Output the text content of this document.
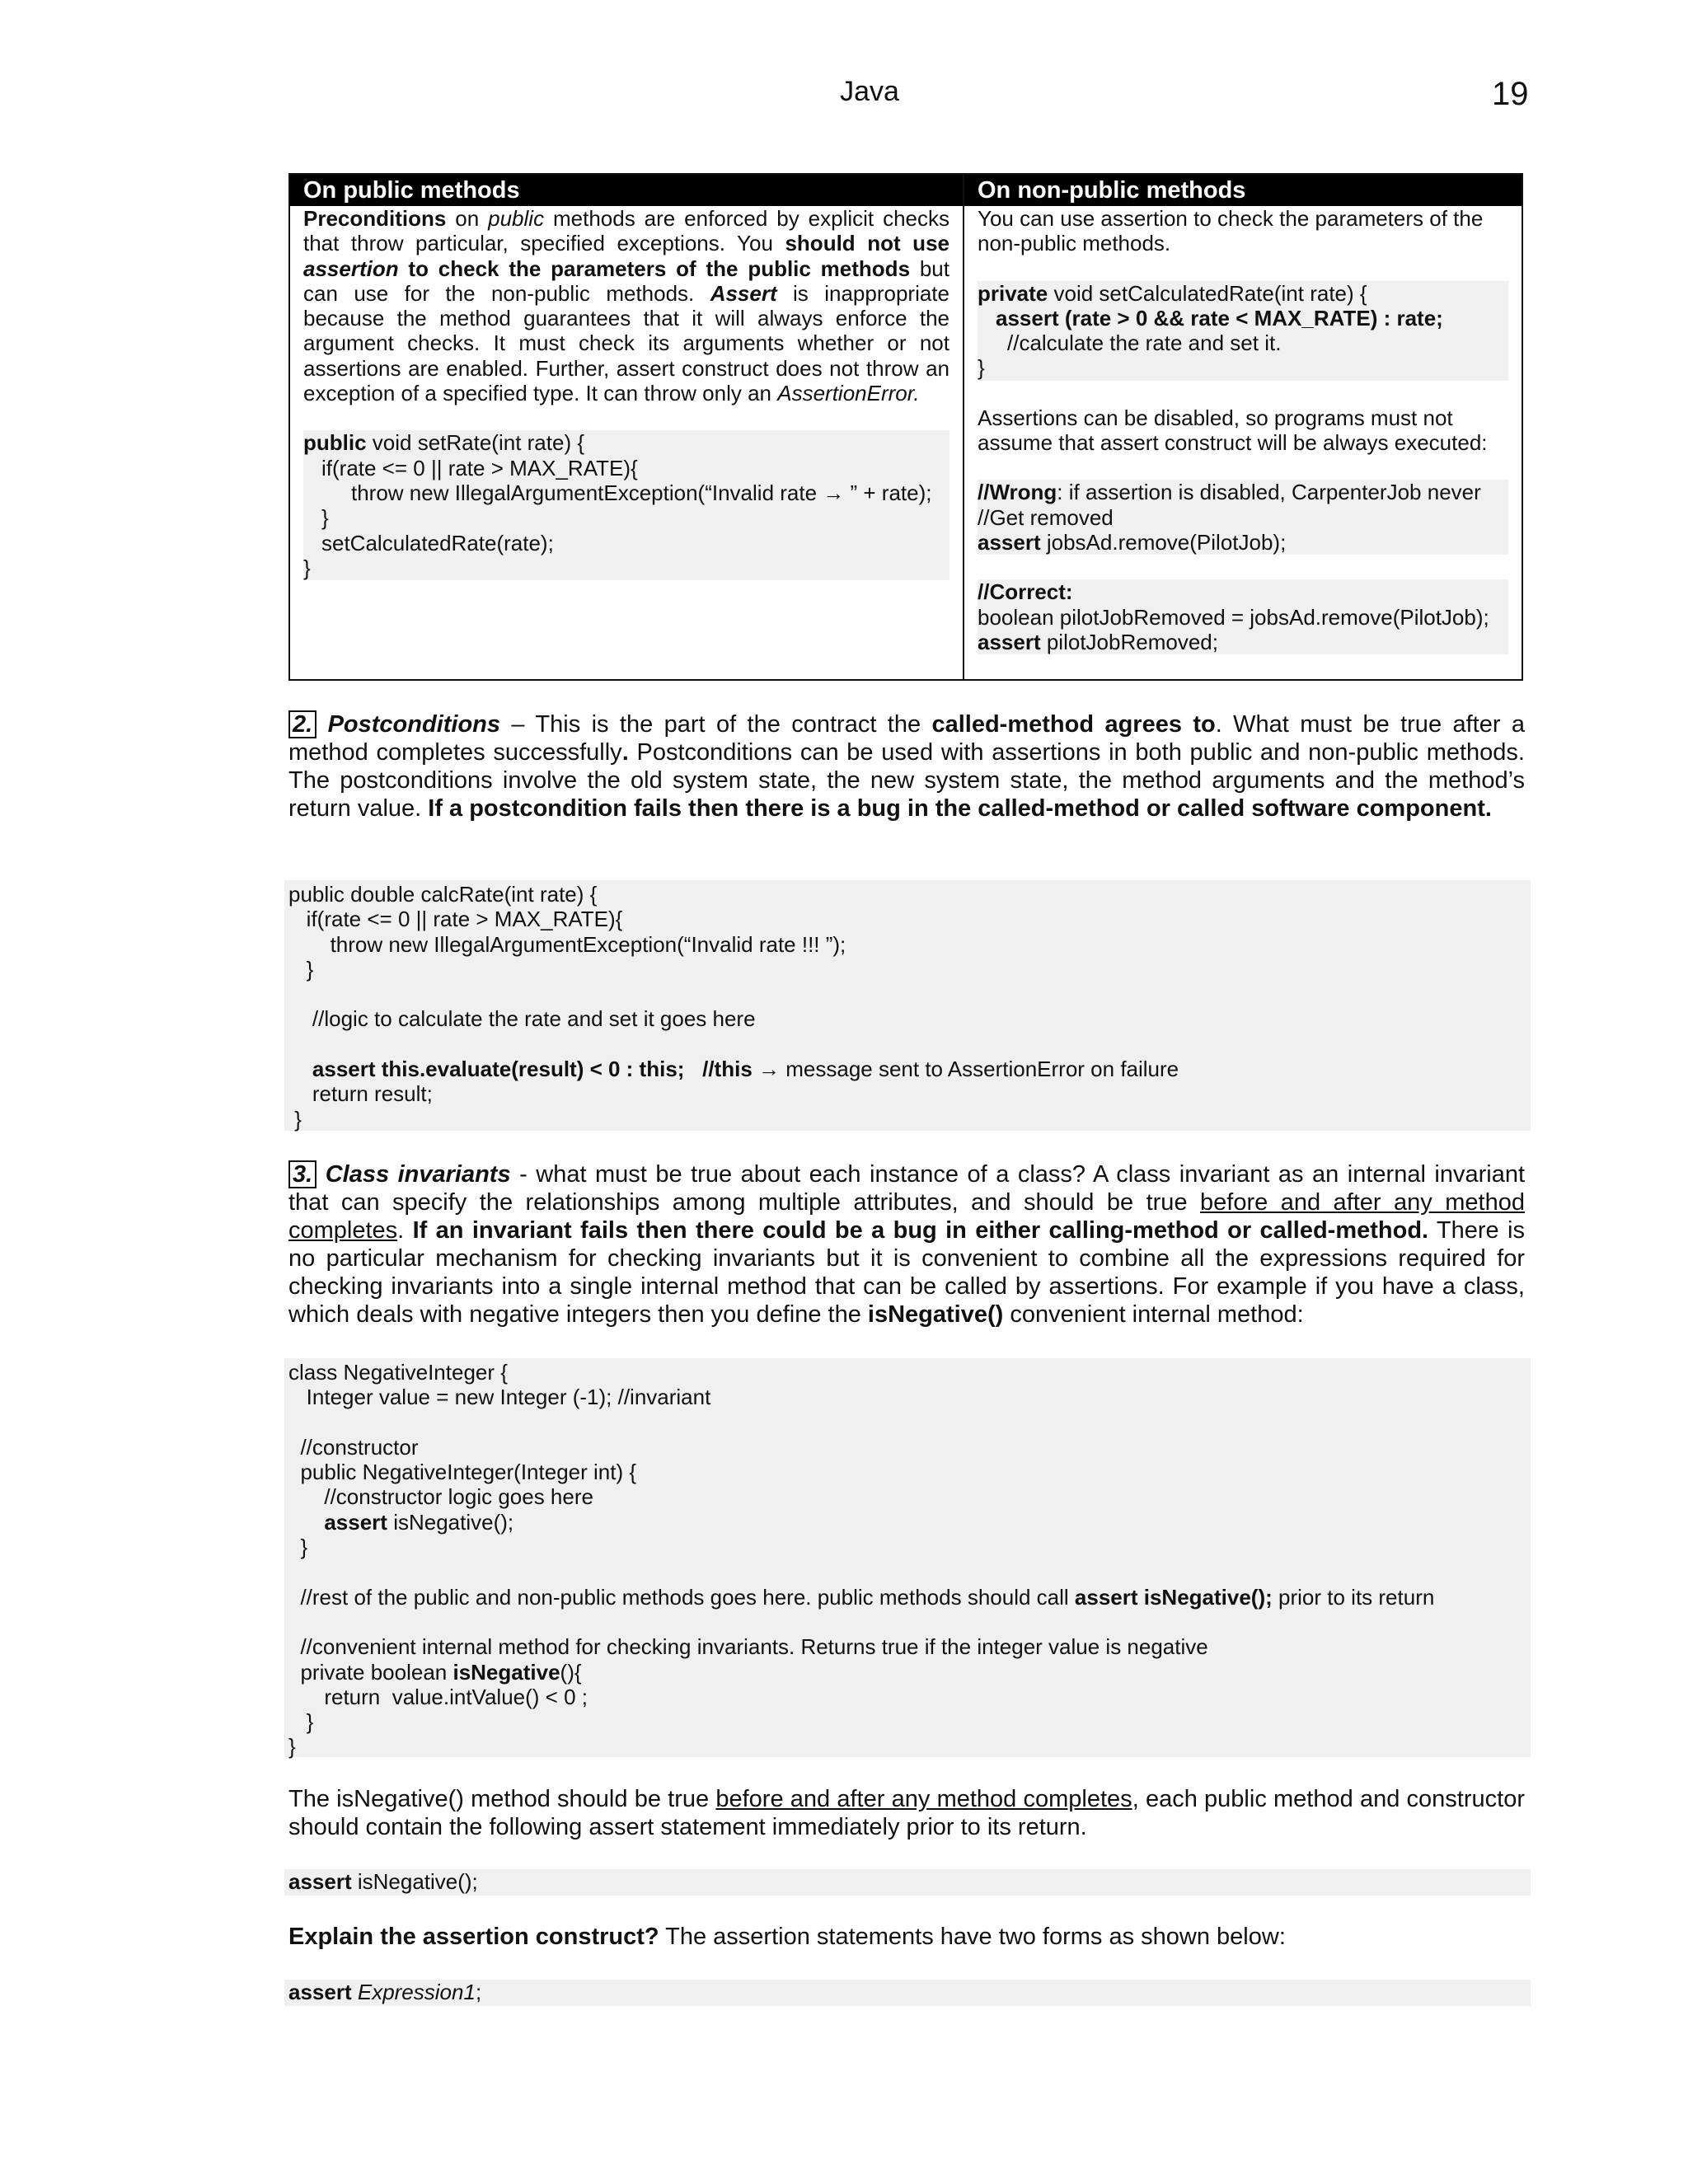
Java	19
On public methods
Preconditions on public methods are enforced by explicit checks that throw particular, specified exceptions. You should not use assertion to check the parameters of the public methods but can use for the non-public methods. Assert is inappropriate because the method guarantees that it will always enforce the argument checks. It must check its arguments whether or not assertions are enabled. Further, assert construct does not throw an exception of a specified type. It can throw only an AssertionError.
public void setRate(int rate) {
if(rate <= 0 || rate > MAX_RATE){
throw new IllegalArgumentException(“Invalid rate → ” + rate);
}
setCalculatedRate(rate);
}
On non-public methods
You can use assertion to check the parameters of the non-public methods.
private void setCalculatedRate(int rate) {
assert (rate > 0 && rate < MAX_RATE) : rate;
//calculate the rate and set it.
}
Assertions can be disabled, so programs must not assume that assert construct will be always executed:
//Wrong: if assertion is disabled, CarpenterJob never
//Get removed
assert jobsAd.remove(PilotJob);
//Correct:
boolean pilotJobRemoved = jobsAd.remove(PilotJob);
assert pilotJobRemoved;
2. Postconditions – This is the part of the contract the called-method agrees to. What must be true after a method completes successfully. Postconditions can be used with assertions in both public and non-public methods. The postconditions involve the old system state, the new system state, the method arguments and the method’s return value. If a postcondition fails then there is a bug in the called-method or called software component.
public double calcRate(int rate) {
if(rate <= 0 || rate > MAX_RATE){
throw new IllegalArgumentException(“Invalid rate !!! ”);
}
//logic to calculate the rate and set it goes here
assert this.evaluate(result) < 0 : this;   //this → message sent to AssertionError on failure
return result;
}
3. Class invariants - what must be true about each instance of a class? A class invariant as an internal invariant that can specify the relationships among multiple attributes, and should be true before and after any method completes. If an invariant fails then there could be a bug in either calling-method or called-method. There is no particular mechanism for checking invariants but it is convenient to combine all the expressions required for checking invariants into a single internal method that can be called by assertions. For example if you have a class, which deals with negative integers then you define the isNegative() convenient internal method:
class NegativeInteger {
Integer value = new Integer (-1); //invariant
//constructor
public NegativeInteger(Integer int) {
//constructor logic goes here
assert isNegative();
}
//rest of the public and non-public methods goes here. public methods should call assert isNegative(); prior to its return
//convenient internal method for checking invariants. Returns true if the integer value is negative
private boolean isNegative(){
return  value.intValue() < 0 ;
}
}
The isNegative() method should be true before and after any method completes, each public method and constructor should contain the following assert statement immediately prior to its return.
assert isNegative();
Explain the assertion construct? The assertion statements have two forms as shown below:
assert Expression1;
